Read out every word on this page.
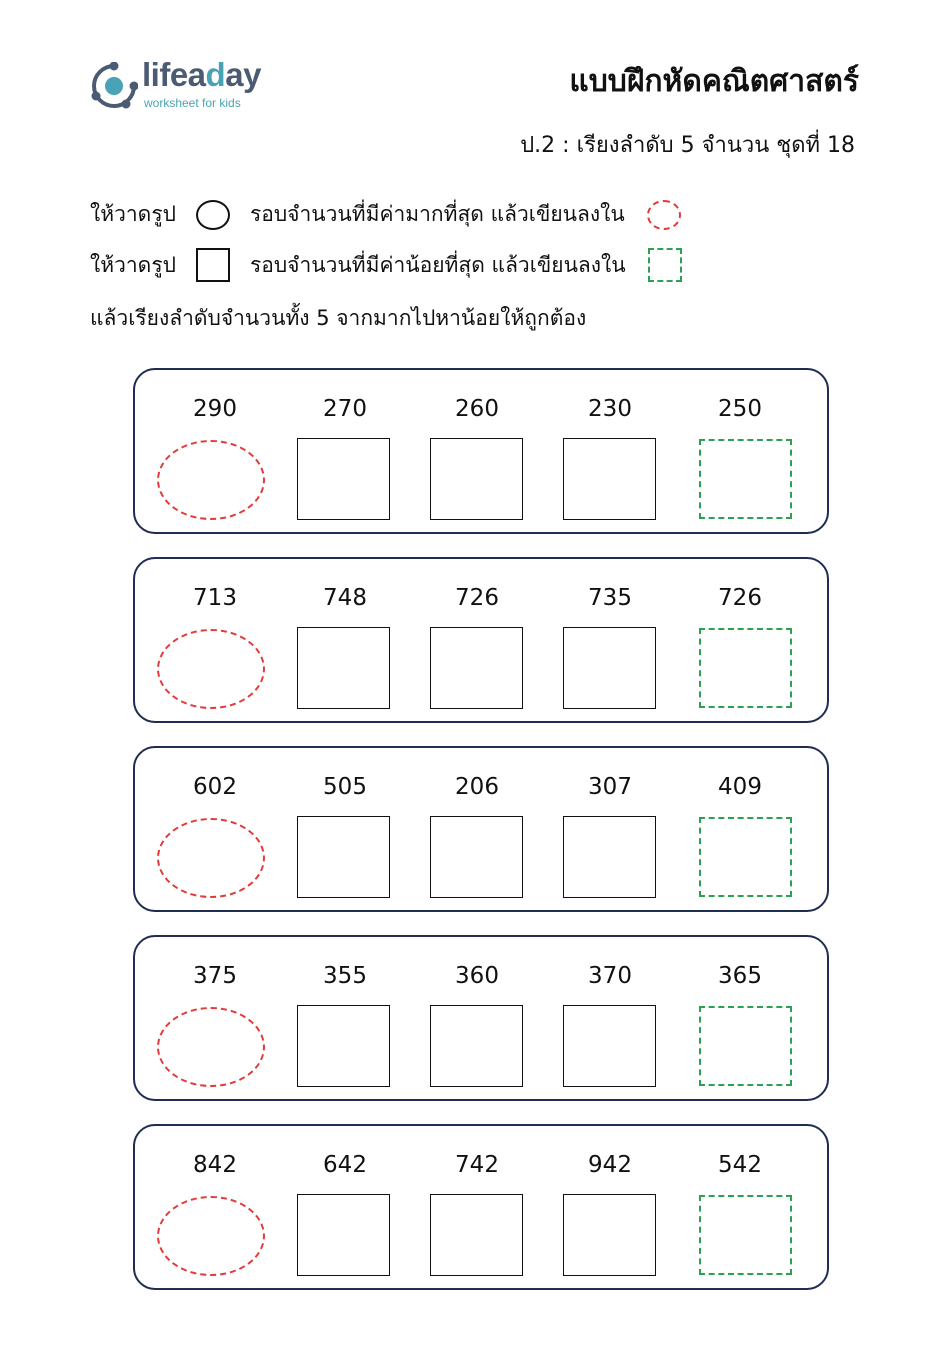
lifeaday
worksheet for kids
แบบฝึกหัดคณิตศาสตร์
ป.2 : เรียงลำดับ 5 จำนวน ชุดที่ 18
ให้วาดรูป	รอบจำนวนที่มีค่ามากที่สุด แล้วเขียนลงใน
ให้วาดรูป	รอบจำนวนที่มีค่าน้อยที่สุด แล้วเขียนลงใน
แล้วเรียงลำดับจำนวนทั้ง 5 จากมากไปหาน้อยให้ถูกต้อง
290	270	260	230	250
713	748	726	735	726
602	505	206	307	409
375	355	360	370	365
842	642	742	942	542
